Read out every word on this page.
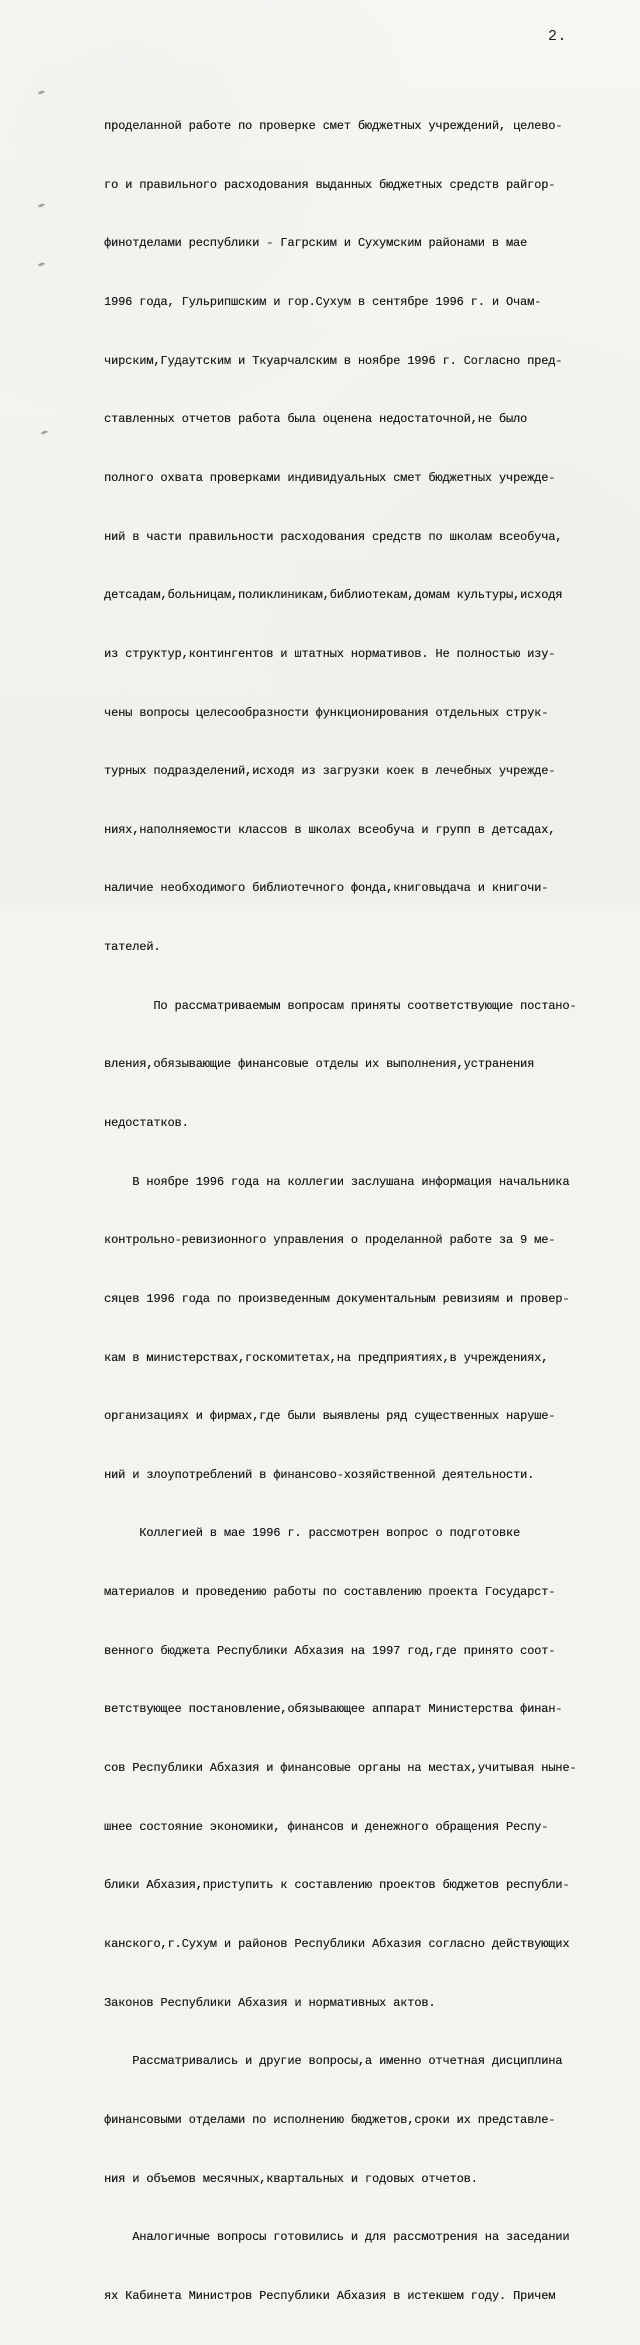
2.

проделанной работе по проверке смет бюджетных учреждений, целево-

го и правильного расходования выданных бюджетных средств райгор-

финотделами республики - Гагрским и Сухумским районами в мае

1996 года, Гульрипшским и гор.Сухум в сентябре 1996 г. и Очам-

чирским,Гудаутским и Ткуарчалским в ноябре 1996 г. Согласно пред-

ставленных отчетов работа была оценена недостаточной,не было

полного охвата проверками индивидуальных смет бюджетных учрежде-

ний в части правильности расходования средств по школам всеобуча,

детсадам,больницам,поликлиникам,библиотекам,домам культуры,исходя

из структур,контингентов и штатных нормативов. Не полностью изу-

чены вопросы целесообразности функционирования отдельных струк-

турных подразделений,исходя из загрузки коек в лечебных учрежде-

ниях,наполняемости классов в школах всеобуча и групп в детсадах,

наличие необходимого библиотечного фонда,книговыдача и книгочи-

тателей.

По рассматриваемым вопросам приняты соответствующие постано-

вления,обязывающие финансовые отделы их выполнения,устранения

недостатков.

В ноябре 1996 года на коллегии заслушана информация начальника

контрольно-ревизионного управления о проделанной работе за 9 ме-

сяцев 1996 года по произведенным документальным ревизиям и провер-

кам в министерствах,госкомитетах,на предприятиях,в учреждениях,

организациях и фирмах,где были выявлены ряд существенных наруше-

ний и злоупотреблений в финансово-хозяйственной деятельности.

Коллегией в мае 1996 г. рассмотрен вопрос о подготовке

материалов и проведению работы по составлению проекта Государст-

венного бюджета Республики Абхазия на 1997 год,где принято соот-

ветствующее постановление,обязывающее аппарат Министерства финан-

сов Республики Абхазия и финансовые органы на местах,учитывая ныне-

шнее состояние экономики, финансов и денежного обращения Респу-

блики Абхазия,приступить к составлению проектов бюджетов республи-

канского,г.Сухум и районов Республики Абхазия согласно действующих

Законов Республики Абхазия и нормативных актов.

Рассматривались и другие вопросы,а именно отчетная дисциплина

финансовыми отделами по исполнению бюджетов,сроки их представле-

ния и объемов месячных,квартальных и годовых отчетов.

Аналогичные вопросы готовились и для рассмотрения на заседании

ях Кабинета Министров Республики Абхазия в истекшем году. Причем
